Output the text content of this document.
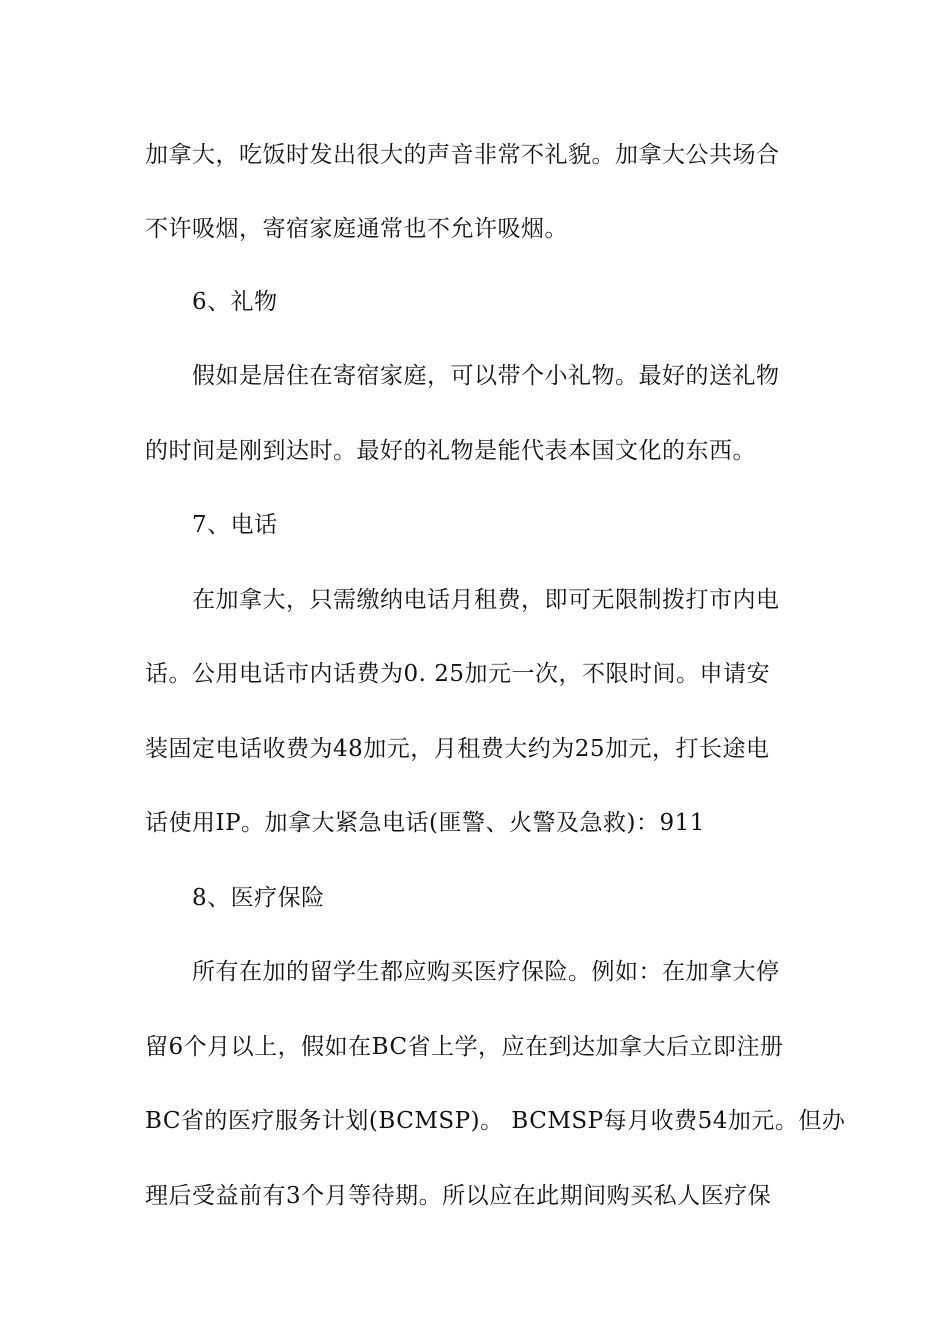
加拿大，吃饭时发出很大的声音非常不礼貌。加拿大公共场合
不许吸烟，寄宿家庭通常也不允许吸烟。
6、礼物
假如是居住在寄宿家庭，可以带个小礼物。最好的送礼物
的时间是刚到达时。最好的礼物是能代表本国文化的东西。
7、电话
在加拿大，只需缴纳电话月租费，即可无限制拨打市内电
话。公用电话市内话费为0. 25加元一次，不限时间。申请安
装固定电话收费为48加元，月租费大约为25加元，打长途电
话使用IP。加拿大紧急电话(匪警、火警及急救)：911
8、医疗保险
所有在加的留学生都应购买医疗保险。例如：在加拿大停
留6个月以上，假如在BC省上学，应在到达加拿大后立即注册
BC省的医疗服务计划(BCMSP)。 BCMSP每月收费54加元。但办
理后受益前有3个月等待期。所以应在此期间购买私人医疗保
